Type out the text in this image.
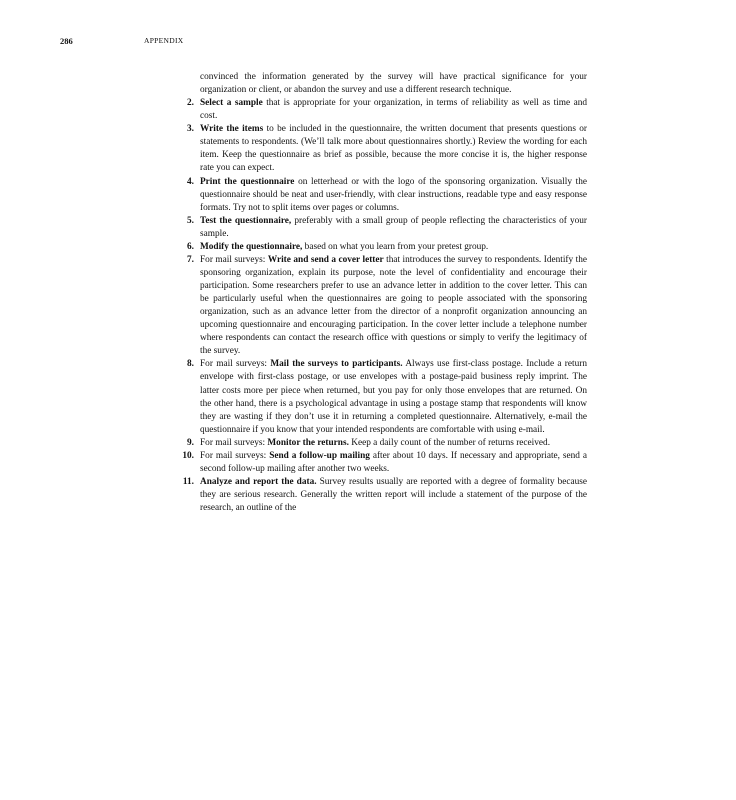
286	APPENDIX

convinced the information generated by the survey will have practical significance for your organization or client, or abandon the survey and use a different research technique.

2. Select a sample that is appropriate for your organization, in terms of reliability as well as time and cost.

3. Write the items to be included in the questionnaire, the written document that presents questions or statements to respondents. (We’ll talk more about questionnaires shortly.) Review the wording for each item. Keep the questionnaire as brief as possible, because the more concise it is, the higher response rate you can expect.

4. Print the questionnaire on letterhead or with the logo of the sponsoring organization. Visually the questionnaire should be neat and user-friendly, with clear instructions, readable type and easy response formats. Try not to split items over pages or columns.

5. Test the questionnaire, preferably with a small group of people reflecting the characteristics of your sample.

6. Modify the questionnaire, based on what you learn from your pretest group.

7. For mail surveys: Write and send a cover letter that introduces the survey to respondents. Identify the sponsoring organization, explain its purpose, note the level of confidentiality and encourage their participation. Some researchers prefer to use an advance letter in addition to the cover letter. This can be particularly useful when the questionnaires are going to people associated with the sponsoring organization, such as an advance letter from the director of a nonprofit organization announcing an upcoming questionnaire and encouraging participation. In the cover letter include a telephone number where respondents can contact the research office with questions or simply to verify the legitimacy of the survey.

8. For mail surveys: Mail the surveys to participants. Always use first-class postage. Include a return envelope with first-class postage, or use envelopes with a postage-paid business reply imprint. The latter costs more per piece when returned, but you pay for only those envelopes that are returned. On the other hand, there is a psychological advantage in using a postage stamp that respondents will know they are wasting if they don’t use it in returning a completed questionnaire. Alternatively, e-mail the questionnaire if you know that your intended respondents are comfortable with using e-mail.

9. For mail surveys: Monitor the returns. Keep a daily count of the number of returns received.

10. For mail surveys: Send a follow-up mailing after about 10 days. If necessary and appropriate, send a second follow-up mailing after another two weeks.

11. Analyze and report the data. Survey results usually are reported with a degree of formality because they are serious research. Generally the written report will include a statement of the purpose of the research, an outline of the
